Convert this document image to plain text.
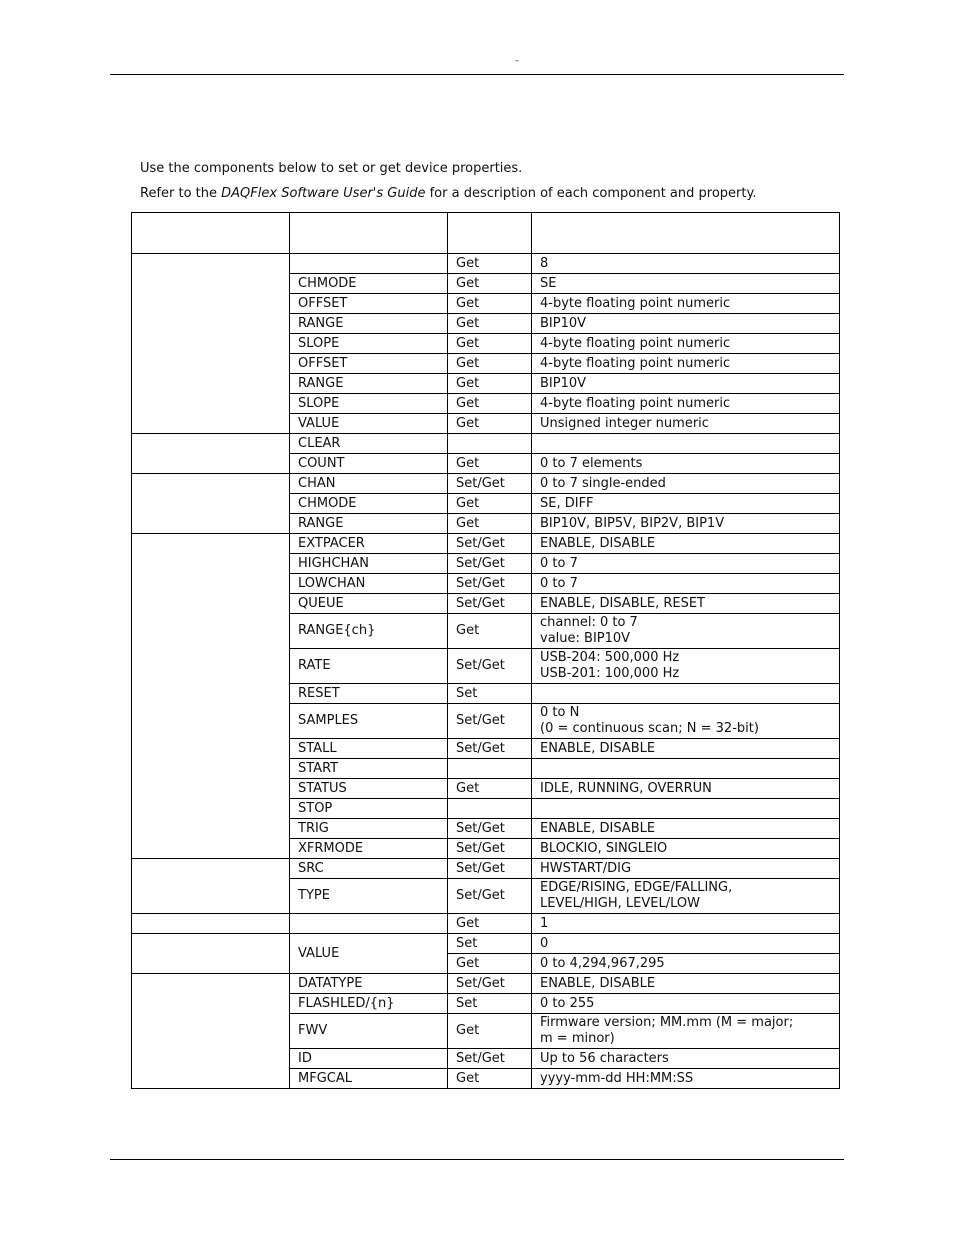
–

Use the components below to set or get device properties.

Refer to the DAQFlex Software User's Guide for a description of each component and property.

		Get	8
	CHMODE	Get	SE
	OFFSET	Get	4-byte floating point numeric
	RANGE	Get	BIP10V
	SLOPE	Get	4-byte floating point numeric
	OFFSET	Get	4-byte floating point numeric
	RANGE	Get	BIP10V
	SLOPE	Get	4-byte floating point numeric
	VALUE	Get	Unsigned integer numeric
	CLEAR		
	COUNT	Get	0 to 7 elements
	CHAN	Set/Get	0 to 7 single-ended
	CHMODE	Get	SE, DIFF
	RANGE	Get	BIP10V, BIP5V, BIP2V, BIP1V
	EXTPACER	Set/Get	ENABLE, DISABLE
	HIGHCHAN	Set/Get	0 to 7
	LOWCHAN	Set/Get	0 to 7
	QUEUE	Set/Get	ENABLE, DISABLE, RESET
	RANGE{ch}	Get	channel: 0 to 7
value: BIP10V
	RATE	Set/Get	USB-204: 500,000 Hz
USB-201: 100,000 Hz
	RESET	Set	
	SAMPLES	Set/Get	0 to N
(0 = continuous scan; N = 32-bit)
	STALL	Set/Get	ENABLE, DISABLE
	START		
	STATUS	Get	IDLE, RUNNING, OVERRUN
	STOP		
	TRIG	Set/Get	ENABLE, DISABLE
	XFRMODE	Set/Get	BLOCKIO, SINGLEIO
	SRC	Set/Get	HWSTART/DIG
	TYPE	Set/Get	EDGE/RISING, EDGE/FALLING,
LEVEL/HIGH, LEVEL/LOW
		Get	1
	VALUE	Set	0
		Get	0 to 4,294,967,295
	DATATYPE	Set/Get	ENABLE, DISABLE
	FLASHLED/{n}	Set	0 to 255
	FWV	Get	Firmware version; MM.mm (M = major;
m = minor)
	ID	Set/Get	Up to 56 characters
	MFGCAL	Get	yyyy-mm-dd HH:MM:SS
